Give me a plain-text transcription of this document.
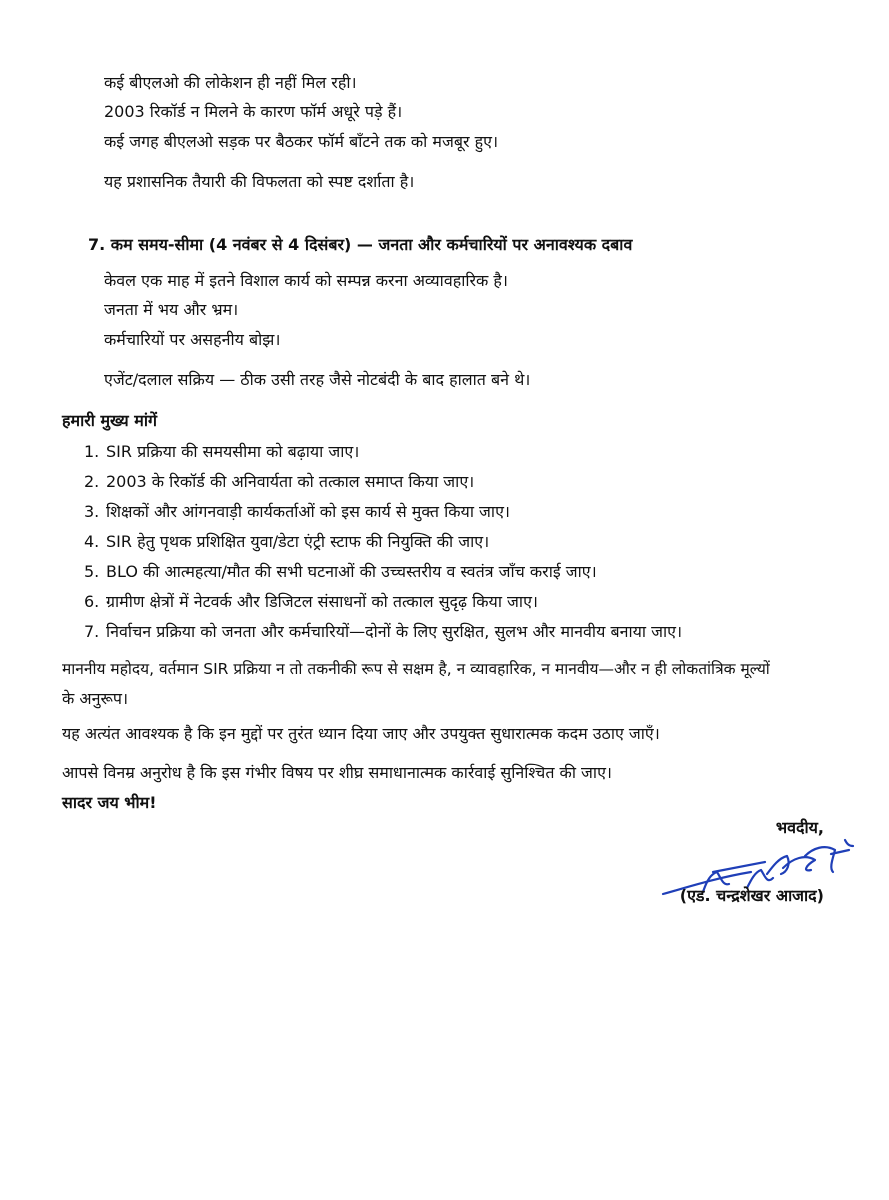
कई बीएलओ की लोकेशन ही नहीं मिल रही।
2003 रिकॉर्ड न मिलने के कारण फॉर्म अधूरे पड़े हैं।
कई जगह बीएलओ सड़क पर बैठकर फॉर्म बाँटने तक को मजबूर हुए।
यह प्रशासनिक तैयारी की विफलता को स्पष्ट दर्शाता है।
7. कम समय-सीमा (4 नवंबर से 4 दिसंबर) — जनता और कर्मचारियों पर अनावश्यक दबाव
केवल एक माह में इतने विशाल कार्य को सम्पन्न करना अव्यावहारिक है।
जनता में भय और भ्रम।
कर्मचारियों पर असहनीय बोझ।
एजेंट/दलाल सक्रिय — ठीक उसी तरह जैसे नोटबंदी के बाद हालात बने थे।
हमारी मुख्य मांगें
1. SIR प्रक्रिया की समयसीमा को बढ़ाया जाए।
2. 2003 के रिकॉर्ड की अनिवार्यता को तत्काल समाप्त किया जाए।
3. शिक्षकों और आंगनवाड़ी कार्यकर्ताओं को इस कार्य से मुक्त किया जाए।
4. SIR हेतु पृथक प्रशिक्षित युवा/डेटा एंट्री स्टाफ की नियुक्ति की जाए।
5. BLO की आत्महत्या/मौत की सभी घटनाओं की उच्चस्तरीय व स्वतंत्र जाँच कराई जाए।
6. ग्रामीण क्षेत्रों में नेटवर्क और डिजिटल संसाधनों को तत्काल सुदृढ़ किया जाए।
7. निर्वाचन प्रक्रिया को जनता और कर्मचारियों—दोनों के लिए सुरक्षित, सुलभ और मानवीय बनाया जाए।
माननीय महोदय, वर्तमान SIR प्रक्रिया न तो तकनीकी रूप से सक्षम है, न व्यावहारिक, न मानवीय—और न ही लोकतांत्रिक मूल्यों
के अनुरूप।
यह अत्यंत आवश्यक है कि इन मुद्दों पर तुरंत ध्यान दिया जाए और उपयुक्त सुधारात्मक कदम उठाए जाएँ।
आपसे विनम्र अनुरोध है कि इस गंभीर विषय पर शीघ्र समाधानात्मक कार्रवाई सुनिश्चित की जाए।
सादर जय भीम!
भवदीय,
(एड. चन्द्रशेखर आजाद)
